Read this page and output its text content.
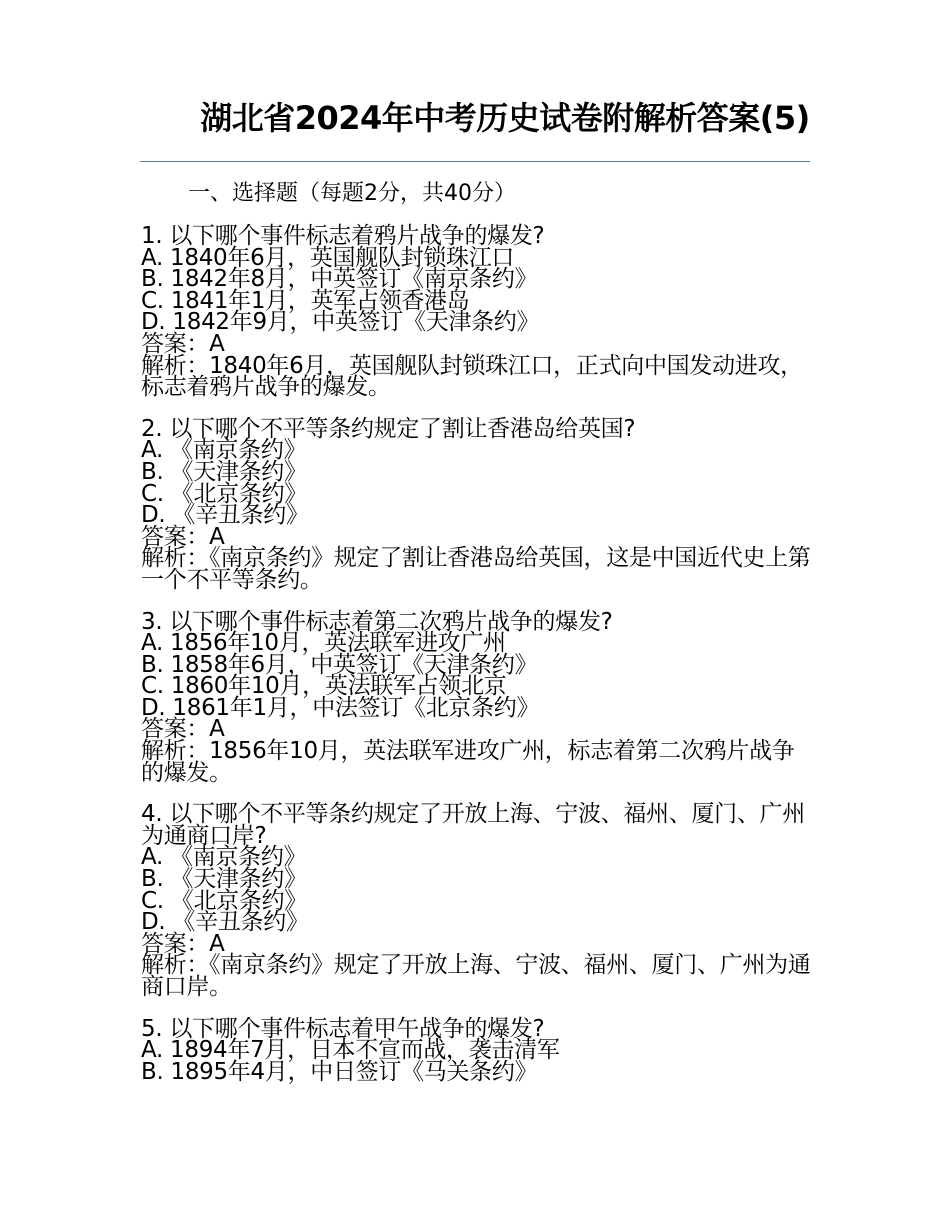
湖北省2024年中考历史试卷附解析答案(5)
一、选择题（每题2分，共40分）
1. 以下哪个事件标志着鸦片战争的爆发?
A. 1840年6月，英国舰队封锁珠江口
B. 1842年8月，中英签订《南京条约》
C. 1841年1月，英军占领香港岛
D. 1842年9月，中英签订《天津条约》
答案：A
解析：1840年6月，英国舰队封锁珠江口，正式向中国发动进攻，标志着鸦片战争的爆发。
2. 以下哪个不平等条约规定了割让香港岛给英国?
A. 《南京条约》
B. 《天津条约》
C. 《北京条约》
D. 《辛丑条约》
答案：A
解析：《南京条约》规定了割让香港岛给英国，这是中国近代史上第一个不平等条约。
3. 以下哪个事件标志着第二次鸦片战争的爆发?
A. 1856年10月，英法联军进攻广州
B. 1858年6月，中英签订《天津条约》
C. 1860年10月，英法联军占领北京
D. 1861年1月，中法签订《北京条约》
答案：A
解析：1856年10月，英法联军进攻广州，标志着第二次鸦片战争的爆发。
4. 以下哪个不平等条约规定了开放上海、宁波、福州、厦门、广州为通商口岸?
A. 《南京条约》
B. 《天津条约》
C. 《北京条约》
D. 《辛丑条约》
答案：A
解析：《南京条约》规定了开放上海、宁波、福州、厦门、广州为通商口岸。
5. 以下哪个事件标志着甲午战争的爆发?
A. 1894年7月，日本不宣而战，袭击清军
B. 1895年4月，中日签订《马关条约》
